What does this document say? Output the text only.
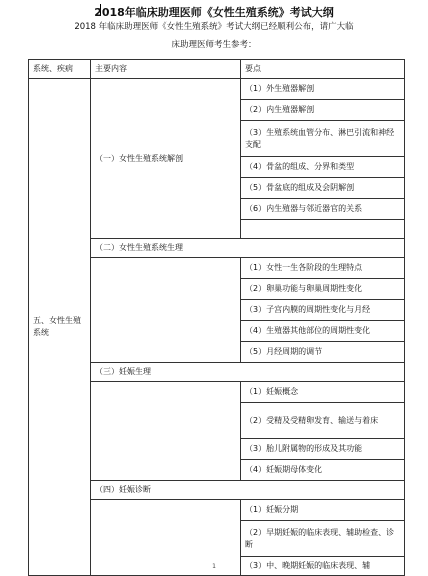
2018年临床助理医师《女性生殖系统》考试大纲
2018 年临床助理医师《女性生殖系统》考试大纲已经顺利公布，请广大临
床助理医师考生参考：
系统、疾病	主要内容	要点
五、女性生殖系统	（一）女性生殖系统解剖	（1）外生殖器解剖
		（2）内生殖器解剖
		（3）生殖系统血管分布、淋巴引流和神经支配
		（4）骨盆的组成、分界和类型
		（5）骨盆底的组成及会阴解剖
		（6）内生殖器与邻近器官的关系

	（二）女性生殖系统生理	
		（1）女性一生各阶段的生理特点
		（2）卵巢功能与卵巢周期性变化
		（3）子宫内膜的周期性变化与月经
		（4）生殖器其他部位的周期性变化
		（5）月经周期的调节
	（三）妊娠生理	
		（1）妊娠概念
		（2）受精及受精卵发育、输送与着床
		（3）胎儿附属物的形成及其功能
		（4）妊娠期母体变化
	（四）妊娠诊断	
		（1）妊娠分期
		（2）早期妊娠的临床表现、辅助检查、诊断
		（3）中、晚期妊娠的临床表现、辅
1
